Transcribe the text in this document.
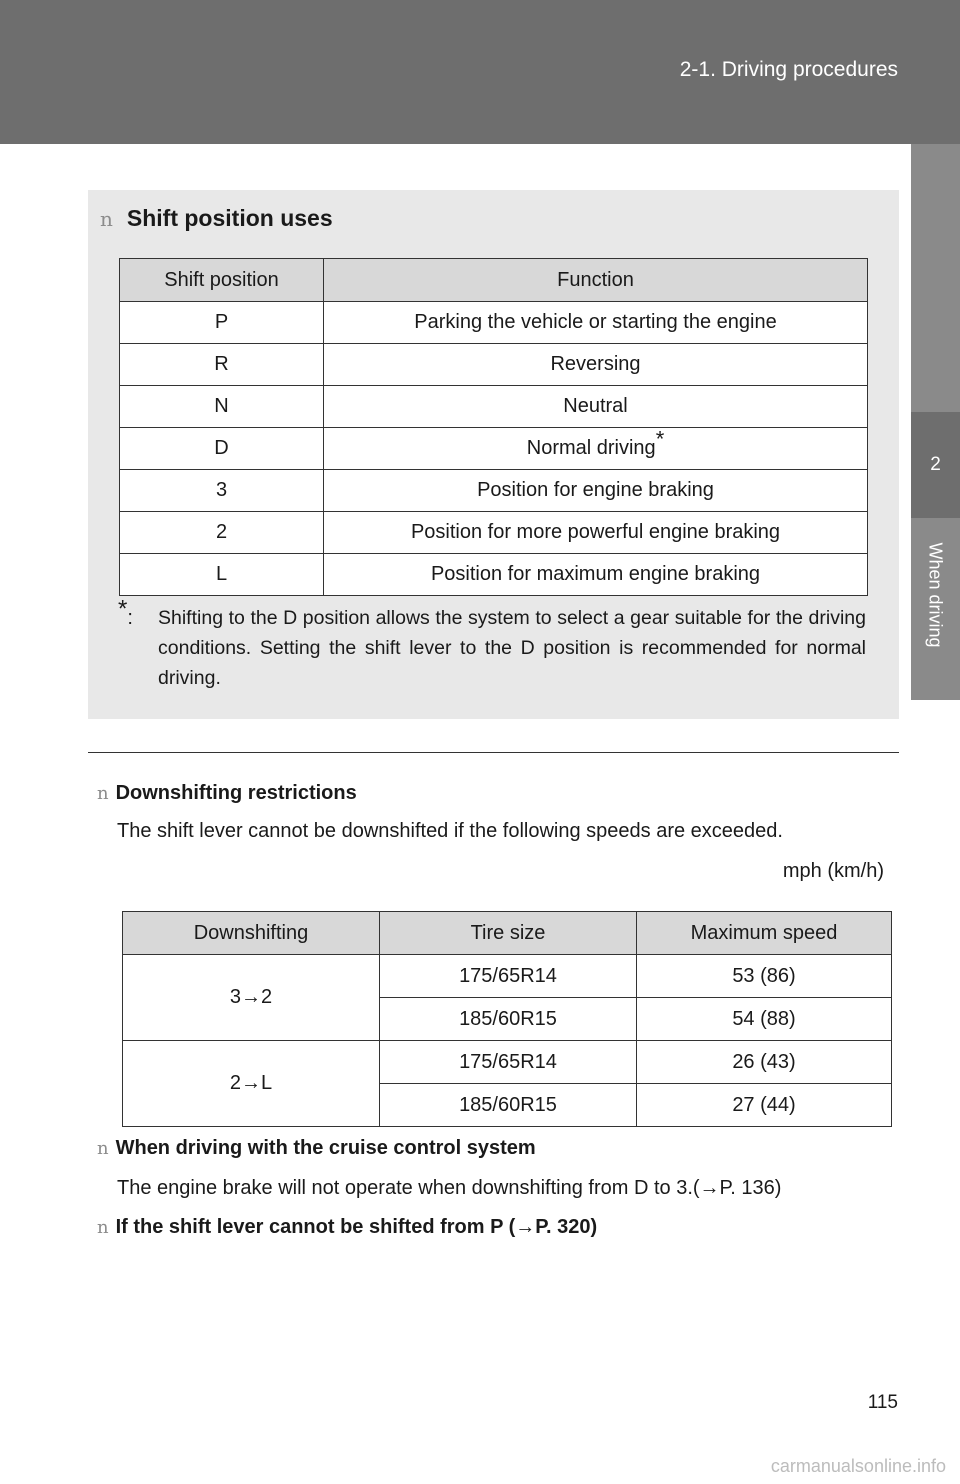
2-1. Driving procedures
2
When driving
n Shift position uses
Shift position	Function
P	Parking the vehicle or starting the engine
R	Reversing
N	Neutral
D	Normal driving*
3	Position for engine braking
2	Position for more powerful engine braking
L	Position for maximum engine braking
*: Shifting to the D position allows the system to select a gear suitable for the driving conditions. Setting the shift lever to the D position is recommended for normal driving.
n Downshifting restrictions
The shift lever cannot be downshifted if the following speeds are exceeded.
mph (km/h)
Downshifting	Tire size	Maximum speed
3→2	175/65R14	53 (86)
	185/60R15	54 (88)
2→L	175/65R14	26 (43)
	185/60R15	27 (44)
n When driving with the cruise control system
The engine brake will not operate when downshifting from D to 3.(→P. 136)
n If the shift lever cannot be shifted from P (→P. 320)
115
carmanualsonline.info
